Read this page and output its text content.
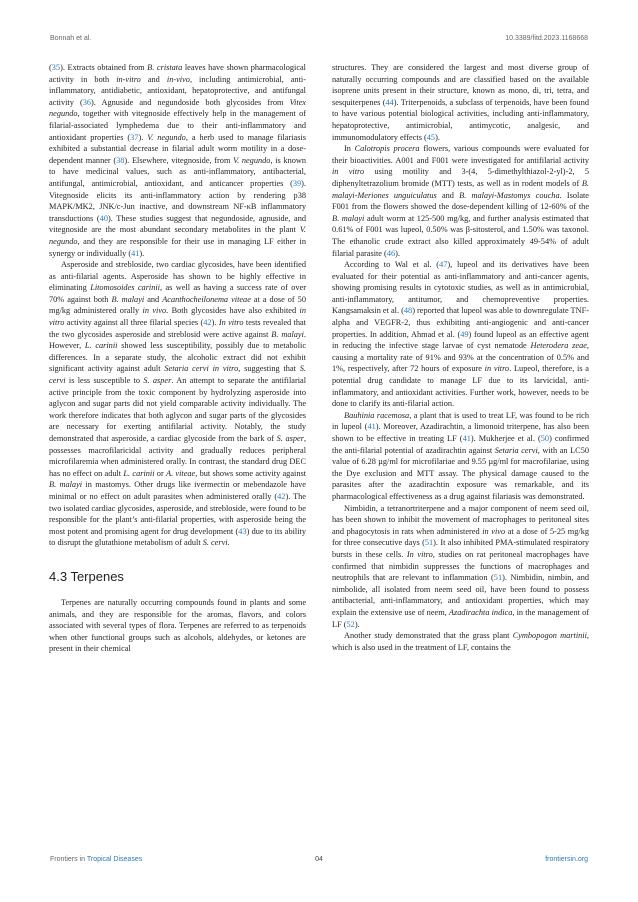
Bonnah et al.	10.3389/fitd.2023.1168668

(35). Extracts obtained from B. cristata leaves have shown pharmacological activity in both in-vitro and in-vivo, including antimicrobial, anti-inflammatory, antidiabetic, antioxidant, hepatoprotective, and antifungal activity (36). Agnuside and negundoside both glycosides from Vitex negundo, together with vitegnoside effectively help in the management of filarial-associated lymphedema due to their anti-inflammatory and antioxidant properties (37). V. negundo, a herb used to manage filariasis exhibited a substantial decrease in filarial adult worm motility in a dose-dependent manner (38). Elsewhere, vitegnoside, from V. negundo, is known to have medicinal values, such as anti-inflammatory, antibacterial, antifungal, antimicrobial, antioxidant, and anticancer properties (39). Vitegnoside elicits its anti-inflammatory action by rendering p38 MAPK/MK2, JNK/c-Jun inactive, and downstream NF-κB inflammatory transductions (40). These studies suggest that negundoside, agnuside, and vitegnoside are the most abundant secondary metabolites in the plant V. negundo, and they are responsible for their use in managing LF either in synergy or individually (41).

Asperoside and strebloside, two cardiac glycosides, have been identified as anti-filarial agents. Asperoside has shown to be highly effective in eliminating Litomosoides carinii, as well as having a success rate of over 70% against both B. malayi and Acanthocheilonema viteae at a dose of 50 mg/kg administered orally in vivo. Both glycosides have also exhibited in vitro activity against all three filarial species (42). In vitro tests revealed that the two glycosides asperoside and streblosid were active against B. malayi. However, L. carinii showed less susceptibility, possibly due to metabolic differences. In a separate study, the alcoholic extract did not exhibit significant activity against adult Setaria cervi in vitro, suggesting that S. cervi is less susceptible to S. asper. An attempt to separate the antifilarial active principle from the toxic component by hydrolyzing asperoside into aglycon and sugar parts did not yield comparable activity individually. The work therefore indicates that both aglycon and sugar parts of the glycosides are necessary for exerting antifilarial activity. Notably, the study demonstrated that asperoside, a cardiac glycoside from the bark of S. asper, possesses macrofilaricidal activity and gradually reduces peripheral microfilaremia when administered orally. In contrast, the standard drug DEC has no effect on adult L. carinii or A. viteae, but shows some activity against B. malayi in mastomys. Other drugs like ivermectin or mebendazole have minimal or no effect on adult parasites when administered orally (42). The two isolated cardiac glycosides, asperoside, and strebloside, were found to be responsible for the plant’s anti-filarial properties, with asperoside being the most potent and promising agent for drug development (43) due to its ability to disrupt the glutathione metabolism of adult S. cervi.

4.3 Terpenes

Terpenes are naturally occurring compounds found in plants and some animals, and they are responsible for the aromas, flavors, and colors associated with several types of flora. Terpenes are referred to as terpenoids when other functional groups such as alcohols, aldehydes, or ketones are present in their chemical

structures. They are considered the largest and most diverse group of naturally occurring compounds and are classified based on the available isoprene units present in their structure, known as mono, di, tri, tetra, and sesquiterpenes (44). Triterpenoids, a subclass of terpenoids, have been found to have various potential biological activities, including anti-inflammatory, hepatoprotective, antimicrobial, antimycotic, analgesic, and immunomodulatory effects (45).

In Calotropis procera flowers, various compounds were evaluated for their bioactivities. A001 and F001 were investigated for antifilarial activity in vitro using motility and 3-(4, 5-dimethylthiazol-2-yl)-2, 5 diphenyltetrazolium bromide (MTT) tests, as well as in rodent models of B. malayi-Meriones unguiculatus and B. malayi-Mastomys coucha. Isolate F001 from the flowers showed the dose-dependent killing of 12-60% of the B. malayi adult worm at 125-500 mg/kg, and further analysis estimated that 0.61% of F001 was lupeol, 0.50% was β-sitosterol, and 1.50% was taxonol. The ethanolic crude extract also killed approximately 49-54% of adult filarial parasite (46).

According to Wal et al. (47), lupeol and its derivatives have been evaluated for their potential as anti-inflammatory and anti-cancer agents, showing promising results in cytotoxic studies, as well as in antimicrobial, anti-inflammatory, antitumor, and chemopreventive properties. Kangsamaksin et al. (48) reported that lupeol was able to downregulate TNF-alpha and VEGFR-2, thus exhibiting anti-angiogenic and anti-cancer properties. In addition, Ahmad et al. (49) found lupeol as an effective agent in reducing the infective stage larvae of cyst nematode Heterodera zeae, causing a mortality rate of 91% and 93% at the concentration of 0.5% and 1%, respectively, after 72 hours of exposure in vitro. Lupeol, therefore, is a potential drug candidate to manage LF due to its larvicidal, anti-inflammatory, and antioxidant activities. Further work, however, needs to be done to clarify its anti-filarial action.

Bauhinia racemosa, a plant that is used to treat LF, was found to be rich in lupeol (41). Moreover, Azadirachtin, a limonoid triterpene, has also been shown to be effective in treating LF (41). Mukherjee et al. (50) confirmed the anti-filarial potential of azadirachtin against Setaria cervi, with an LC50 value of 6.28 µg/ml for microfilariae and 9.55 µg/ml for macrofilariae, using the Dye exclusion and MTT assay. The physical damage caused to the parasites after the azadirachtin exposure was remarkable, and its pharmacological effectiveness as a drug against filariasis was demonstrated.

Nimbidin, a tetranortriterpene and a major component of neem seed oil, has been shown to inhibit the movement of macrophages to peritoneal sites and phagocytosis in rats when administered in vivo at a dose of 5-25 mg/kg for three consecutive days (51). It also inhibited PMA-stimulated respiratory bursts in these cells. In vitro, studies on rat peritoneal macrophages have confirmed that nimbidin suppresses the functions of macrophages and neutrophils that are relevant to inflammation (51). Nimbidin, nimbin, and nimbolide, all isolated from neem seed oil, have been found to possess antibacterial, anti-inflammatory, and antioxidant properties, which may explain the extensive use of neem, Azadirachta indica, in the management of LF (52).

Another study demonstrated that the grass plant Cymbopogon martinii, which is also used in the treatment of LF, contains the

Frontiers in Tropical Diseases	04	frontiersin.org
